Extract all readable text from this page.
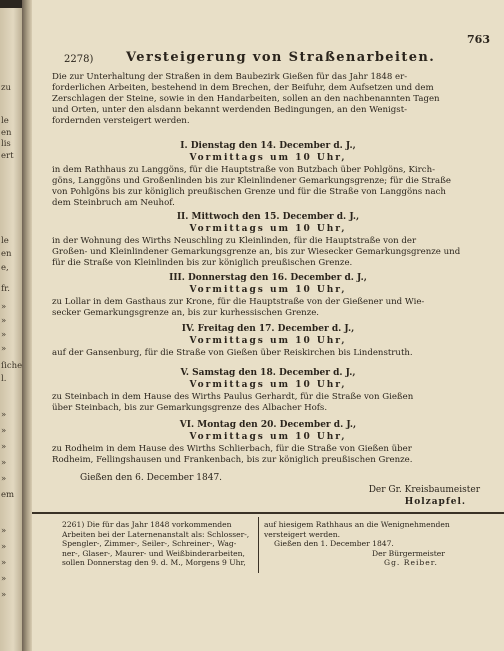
zu
le
en
lis
ert
le
en
e,
fr.
»
»
»
»
ſiche
l.
»
»
»
»
»
em
»
»
»
»
»
763
2278)	Versteigerung von Straßenarbeiten.
Die zur Unterhaltung der Straßen in dem Baubezirk Gießen für das Jahr 1848 er-
forderlichen Arbeiten, bestehend in dem Brechen, der Beifuhr, dem Aufsetzen und dem
Zerschlagen der Steine, sowie in den Handarbeiten, sollen an den nachbenannten Tagen
und Orten, unter den alsdann bekannt werdenden Bedingungen, an den Wenigst-
fordernden versteigert werden.
I. Dienstag den 14. December d. J.,
Vormittags um 10 Uhr,
in dem Rathhaus zu Langgöns, für die Hauptstraße von Butzbach über Pohlgöns, Kirch-
göns, Langgöns und Großenlinden bis zur Kleinlindener Gemarkungsgrenze; für die Straße
von Pohlgöns bis zur königlich preußischen Grenze und für die Straße von Langgöns nach
dem Steinbruch am Neuhof.
II. Mittwoch den 15. December d. J.,
Vormittags um 10 Uhr,
in der Wohnung des Wirths Neuschling zu Kleinlinden, für die Hauptstraße von der
Großen- und Kleinlindener Gemarkungsgrenze an, bis zur Wiesecker Gemarkungsgrenze und
für die Straße von Kleinlinden bis zur königlich preußischen Grenze.
III. Donnerstag den 16. December d. J.,
Vormittags um 10 Uhr,
zu Lollar in dem Gasthaus zur Krone, für die Hauptstraße von der Gießener und Wie-
secker Gemarkungsgrenze an, bis zur kurhessischen Grenze.
IV. Freitag den 17. December d. J.,
Vormittags um 10 Uhr,
auf der Gansenburg, für die Straße von Gießen über Reiskirchen bis Lindenstruth.
V. Samstag den 18. December d. J.,
Vormittags um 10 Uhr,
zu Steinbach in dem Hause des Wirths Paulus Gerhardt, für die Straße von Gießen
über Steinbach, bis zur Gemarkungsgrenze des Albacher Hofs.
VI. Montag den 20. December d. J.,
Vormittags um 10 Uhr,
zu Rodheim in dem Hause des Wirths Schlierbach, für die Straße von Gießen über
Rodheim, Fellingshausen und Frankenbach, bis zur königlich preußischen Grenze.
Gießen den 6. December 1847.
Der Gr. Kreisbaumeister
Holzapfel.
2261) Die für das Jahr 1848 vorkommenden
Arbeiten bei der Laternenanstalt als: Schlosser-,
Spengler-, Zimmer-, Seiler-, Schreiner-, Wag-
ner-, Glaser-, Maurer- und Weißbinderarbeiten,
sollen Donnerstag den 9. d. M., Morgens 9 Uhr,
auf hiesigem Rathhaus an die Wenignehmenden
versteigert werden.
Gießen den 1. December 1847.
Der Bürgermeister
Gg. Reiber.
